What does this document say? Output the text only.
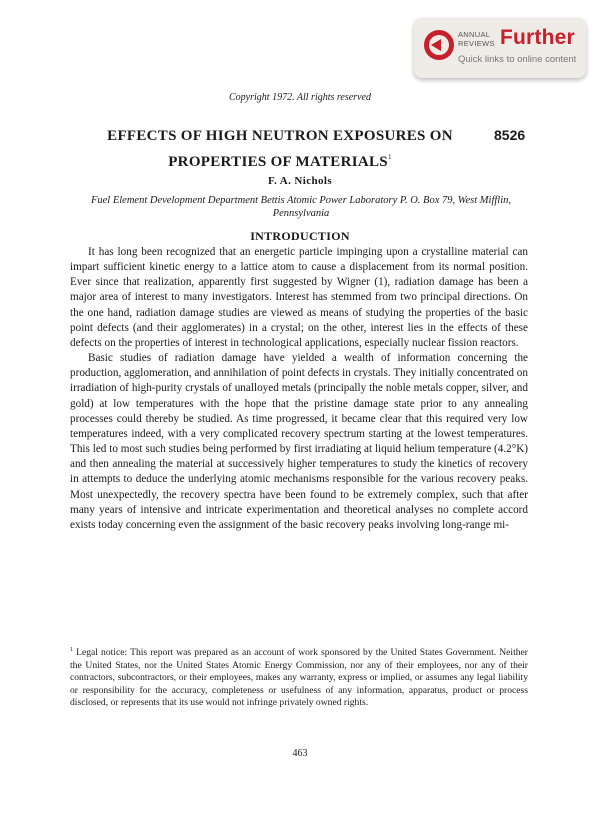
ANNUAL REVIEWS Further
Quick links to online content
Copyright 1972. All rights reserved
EFFECTS OF HIGH NEUTRON EXPOSURES ON PROPERTIES OF MATERIALS$^1$
8526
F. A. Nichols
Fuel Element Development Department Bettis Atomic Power Laboratory P. O. Box 79, West Mifflin, Pennsylvania
INTRODUCTION

It has long been recognized that an energetic particle impinging upon a crystalline material can impart sufficient kinetic energy to a lattice atom to cause a displacement from its normal position. Ever since that realization, apparently first suggested by Wigner (1), radiation damage has been a major area of interest to many investigators. Interest has stemmed from two principal directions. On the one hand, radiation damage studies are viewed as means of studying the properties of the basic point defects (and their agglomerates) in a crystal; on the other, interest lies in the effects of these defects on the properties of interest in technological applications, especially nuclear fission reactors.

Basic studies of radiation damage have yielded a wealth of information concerning the production, agglomeration, and annihilation of point defects in crystals. They initially concentrated on irradiation of high-purity crystals of unalloyed metals (principally the noble metals copper, silver, and gold) at low temperatures with the hope that the pristine damage state prior to any annealing processes could thereby be studied. As time progressed, it became clear that this required very low temperatures indeed, with a very complicated recovery spectrum starting at the lowest temperatures. This led to most such studies being performed by first irradiating at liquid helium temperature (4.2°K) and then annealing the material at successively higher temperatures to study the kinetics of recovery in attempts to deduce the underlying atomic mechanisms responsible for the various recovery peaks. Most unexpectedly, the recovery spectra have been found to be extremely complex, such that after many years of intensive and intricate experimentation and theoretical analyses no complete accord exists today concerning even the assignment of the basic recovery peaks involving long-range mi-

$^1$ Legal notice: This report was prepared as an account of work sponsored by the United States Government. Neither the United States, nor the United States Atomic Energy Commission, nor any of their employees, nor any of their contractors, subcontractors, or their employees, makes any warranty, express or implied, or assumes any legal liability or responsibility for the accuracy, completeness or usefulness of any information, apparatus, product or process disclosed, or represents that its use would not infringe privately owned rights.
463
